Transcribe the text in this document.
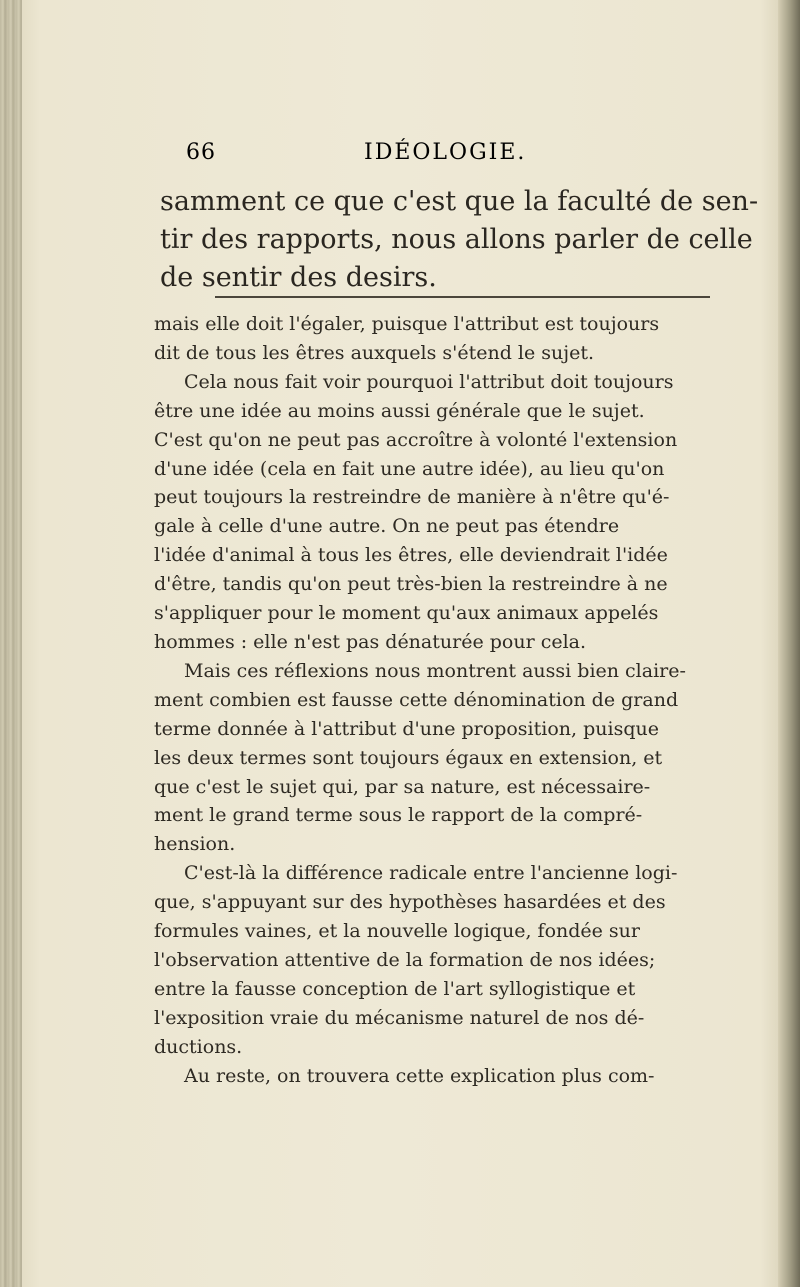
66	IDÉOLOGIE.
samment ce que c'est que la faculté de sen-
tir des rapports, nous allons parler de celle
de sentir des desirs.
mais elle doit l'égaler, puisque l'attribut est toujours
dit de tous les êtres auxquels s'étend le sujet.
Cela nous fait voir pourquoi l'attribut doit toujours
être une idée au moins aussi générale que le sujet.
C'est qu'on ne peut pas accroître à volonté l'extension
d'une idée (cela en fait une autre idée), au lieu qu'on
peut toujours la restreindre de manière à n'être qu'é-
gale à celle d'une autre. On ne peut pas étendre
l'idée d'animal à tous les êtres, elle deviendrait l'idée
d'être, tandis qu'on peut très-bien la restreindre à ne
s'appliquer pour le moment qu'aux animaux appelés
hommes : elle n'est pas dénaturée pour cela.
Mais ces réflexions nous montrent aussi bien claire-
ment combien est fausse cette dénomination de grand
terme donnée à l'attribut d'une proposition, puisque
les deux termes sont toujours égaux en extension, et
que c'est le sujet qui, par sa nature, est nécessaire-
ment le grand terme sous le rapport de la compré-
hension.
C'est-là la différence radicale entre l'ancienne logi-
que, s'appuyant sur des hypothèses hasardées et des
formules vaines, et la nouvelle logique, fondée sur
l'observation attentive de la formation de nos idées;
entre la fausse conception de l'art syllogistique et
l'exposition vraie du mécanisme naturel de nos dé-
ductions.
Au reste, on trouvera cette explication plus com-
